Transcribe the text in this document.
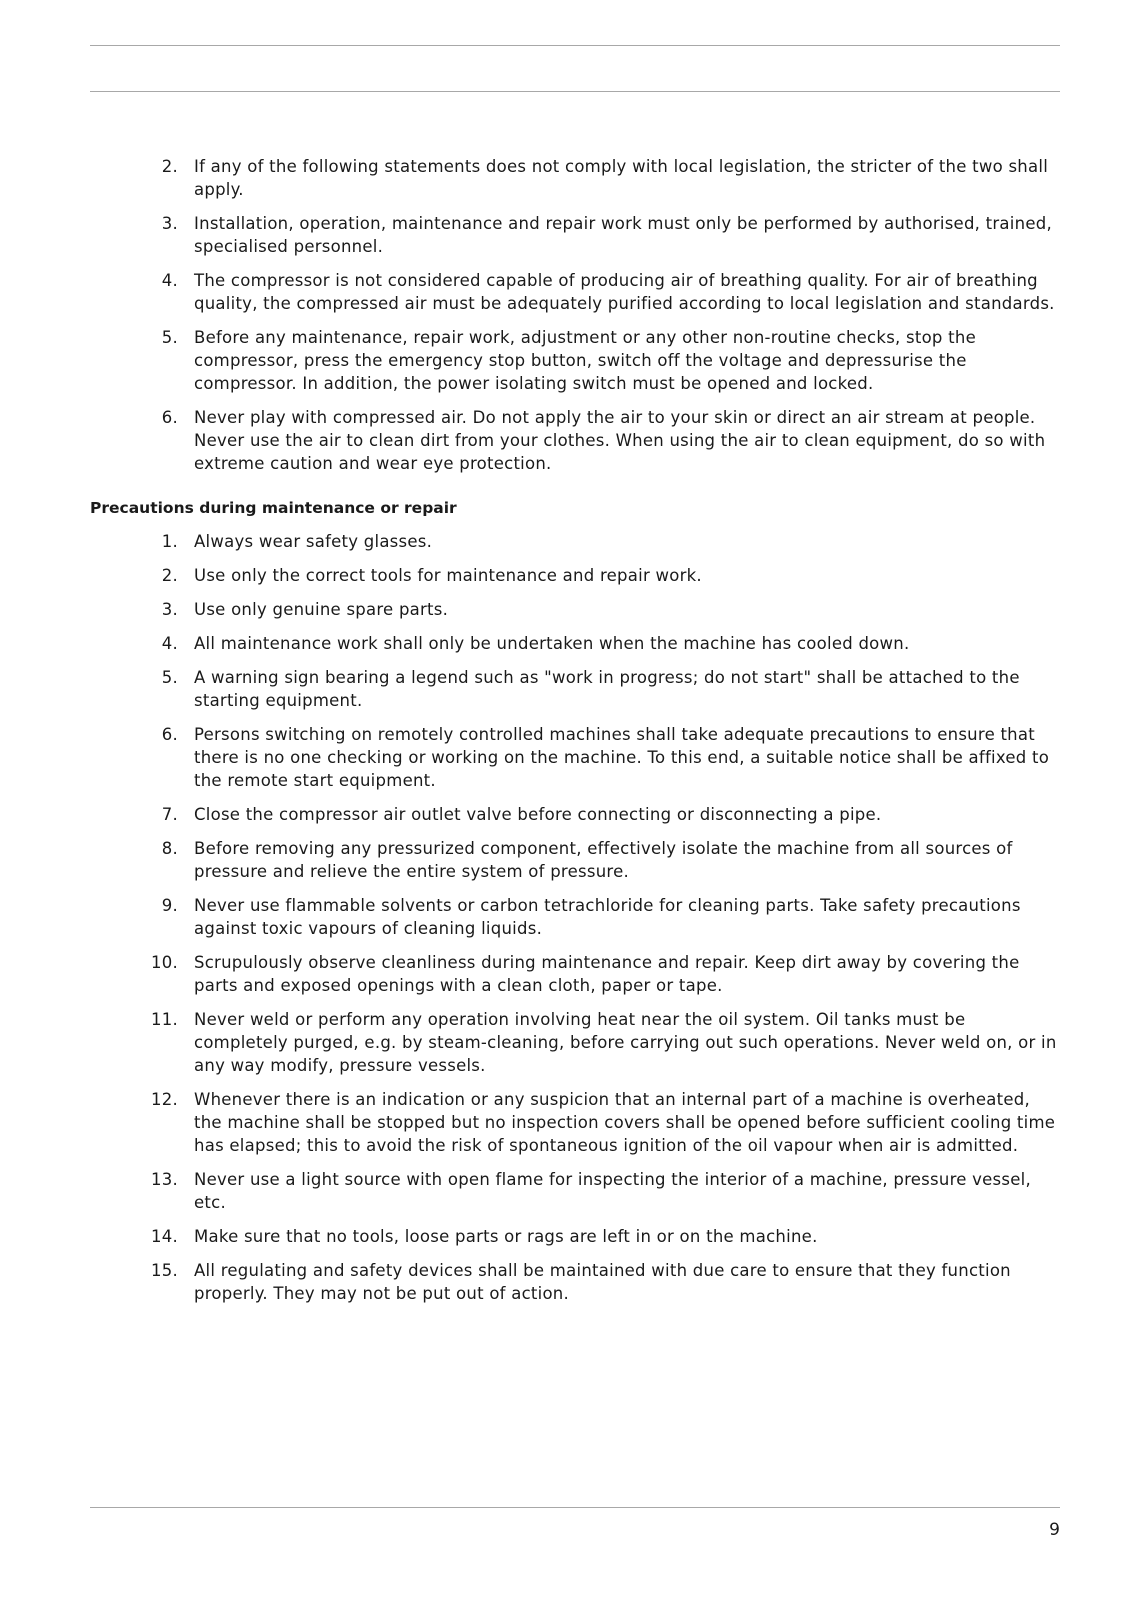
2. If any of the following statements does not comply with local legislation, the stricter of the two shall apply.
3. Installation, operation, maintenance and repair work must only be performed by authorised, trained, specialised personnel.
4. The compressor is not considered capable of producing air of breathing quality. For air of breathing quality, the compressed air must be adequately purified according to local legislation and standards.
5. Before any maintenance, repair work, adjustment or any other non-routine checks, stop the compressor, press the emergency stop button, switch off the voltage and depressurise the compressor. In addition, the power isolating switch must be opened and locked.
6. Never play with compressed air. Do not apply the air to your skin or direct an air stream at people. Never use the air to clean dirt from your clothes. When using the air to clean equipment, do so with extreme caution and wear eye protection.
Precautions during maintenance or repair
1. Always wear safety glasses.
2. Use only the correct tools for maintenance and repair work.
3. Use only genuine spare parts.
4. All maintenance work shall only be undertaken when the machine has cooled down.
5. A warning sign bearing a legend such as "work in progress; do not start" shall be attached to the starting equipment.
6. Persons switching on remotely controlled machines shall take adequate precautions to ensure that there is no one checking or working on the machine. To this end, a suitable notice shall be affixed to the remote start equipment.
7. Close the compressor air outlet valve before connecting or disconnecting a pipe.
8. Before removing any pressurized component, effectively isolate the machine from all sources of pressure and relieve the entire system of pressure.
9. Never use flammable solvents or carbon tetrachloride for cleaning parts. Take safety precautions against toxic vapours of cleaning liquids.
10. Scrupulously observe cleanliness during maintenance and repair. Keep dirt away by covering the parts and exposed openings with a clean cloth, paper or tape.
11. Never weld or perform any operation involving heat near the oil system. Oil tanks must be completely purged, e.g. by steam-cleaning, before carrying out such operations. Never weld on, or in any way modify, pressure vessels.
12. Whenever there is an indication or any suspicion that an internal part of a machine is overheated, the machine shall be stopped but no inspection covers shall be opened before sufficient cooling time has elapsed; this to avoid the risk of spontaneous ignition of the oil vapour when air is admitted.
13. Never use a light source with open flame for inspecting the interior of a machine, pressure vessel, etc.
14. Make sure that no tools, loose parts or rags are left in or on the machine.
15. All regulating and safety devices shall be maintained with due care to ensure that they function properly. They may not be put out of action.
9
